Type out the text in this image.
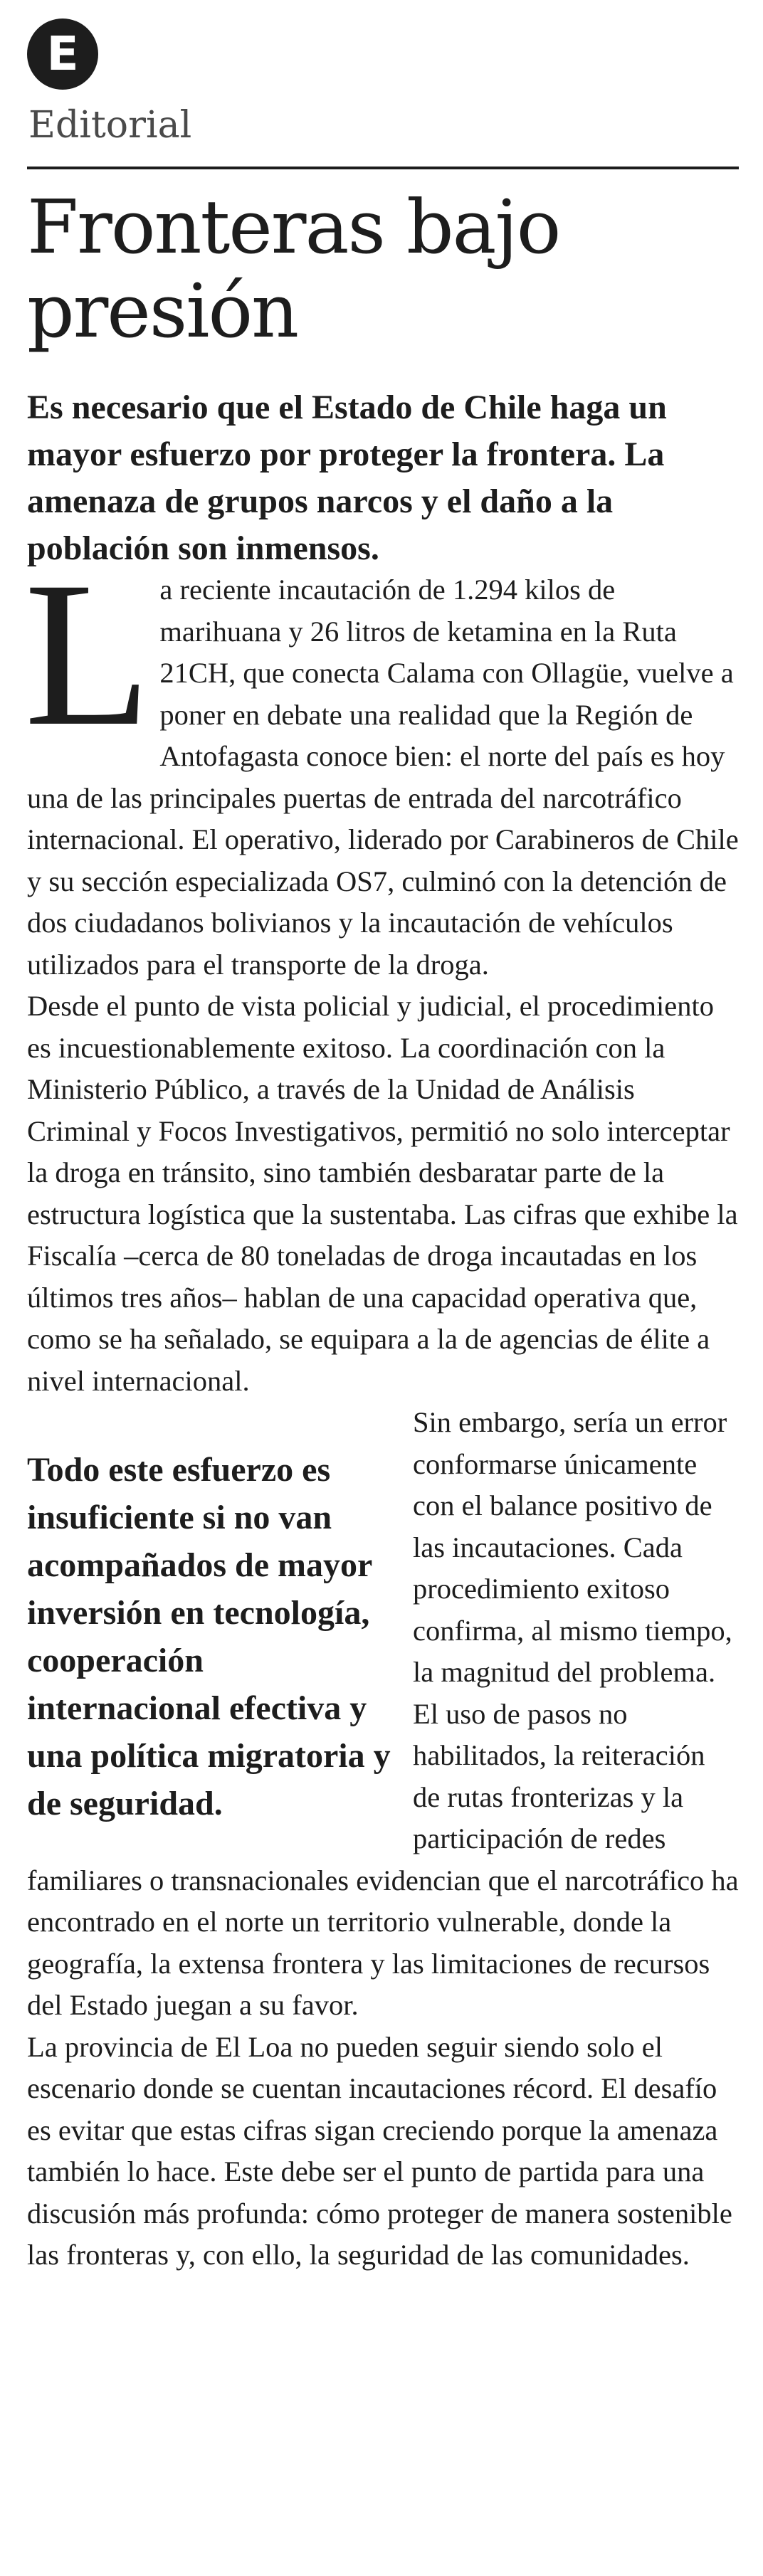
E
Editorial
Fronteras bajo presión

Es necesario que el Estado de Chile haga un mayor esfuerzo por proteger la frontera. La amenaza de grupos narcos y el daño a la población son inmensos.

L a reciente incautación de 1.294 kilos de marihuana y 26 litros de ketamina en la Ruta 21CH, que conecta Calama con Ollagüe, vuelve a poner en debate una realidad que la Región de Antofagasta conoce bien: el norte del país es hoy una de las principales puertas de entrada del narcotráfico internacional. El operativo, liderado por Carabineros de Chile y su sección especializada OS7, culminó con la detención de dos ciudadanos bolivianos y la incautación de vehículos utilizados para el transporte de la droga.

Desde el punto de vista policial y judicial, el procedimiento es incuestionablemente exitoso. La coordinación con la Ministerio Público, a través de la Unidad de Análisis Criminal y Focos Investigativos, permitió no solo interceptar la droga en tránsito, sino también desbaratar parte de la estructura logística que la sustentaba. Las cifras que exhibe la Fiscalía –cerca de 80 toneladas de droga incautadas en los últimos tres años– hablan de una capacidad operativa que, como se ha señalado, se equipara a la de agencias de élite a nivel internacional.

Todo este esfuerzo es insuficiente si no van acompañados de mayor inversión en tecnología, cooperación internacional efectiva y una política migratoria y de seguridad.
Sin embargo, sería un error conformarse únicamente con el balance positivo de las incautaciones. Cada procedimiento exitoso confirma, al mismo tiempo, la magnitud del problema. El uso de pasos no habilitados, la reiteración de rutas fronterizas y la participación de redes familiares o transnacionales evidencian que el narcotráfico ha encontrado en el norte un territorio vulnerable, donde la geografía, la extensa frontera y las limitaciones de recursos del Estado juegan a su favor.

La provincia de El Loa no pueden seguir siendo solo el escenario donde se cuentan incautaciones récord. El desafío es evitar que estas cifras sigan creciendo porque la amenaza también lo hace. Este debe ser el punto de partida para una discusión más profunda: cómo proteger de manera sostenible las fronteras y, con ello, la seguridad de las comunidades.
